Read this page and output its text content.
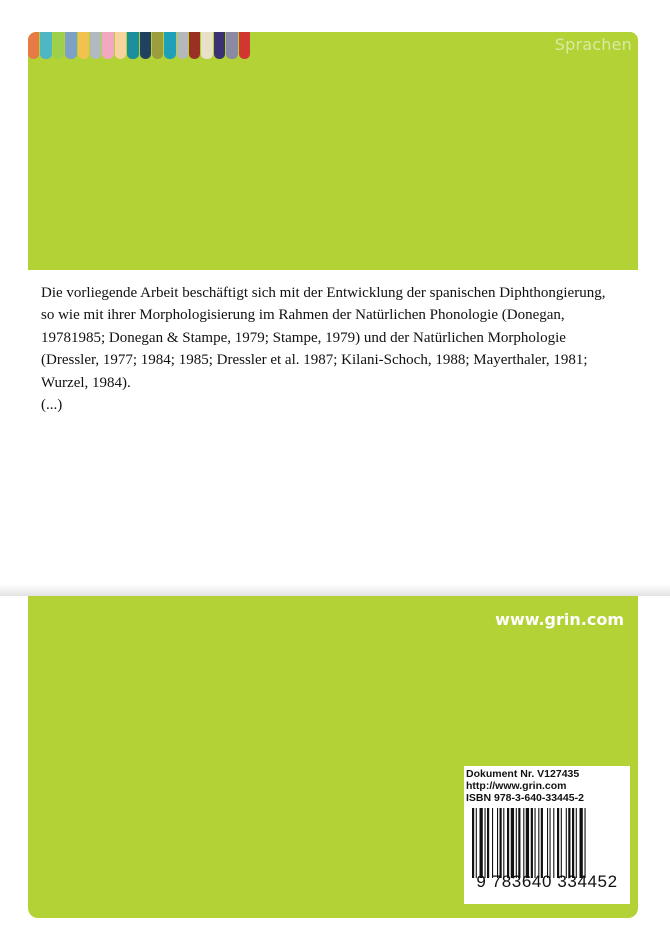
Sprachen

Die vorliegende Arbeit beschäftigt sich mit der Entwicklung der spanischen Diphthongierung, so wie mit ihrer Morphologisierung im Rahmen der Natürlichen Phonologie (Donegan, 19781985; Donegan & Stampe, 1979; Stampe, 1979) und der Natürlichen Morphologie (Dressler, 1977; 1984; 1985; Dressler et al. 1987; Kilani-Schoch, 1988; Mayerthaler, 1981; Wurzel, 1984).

(...)

www.grin.com
Dokument Nr. V127435
http://www.grin.com
ISBN 978-3-640-33445-2
9 783640 334452
